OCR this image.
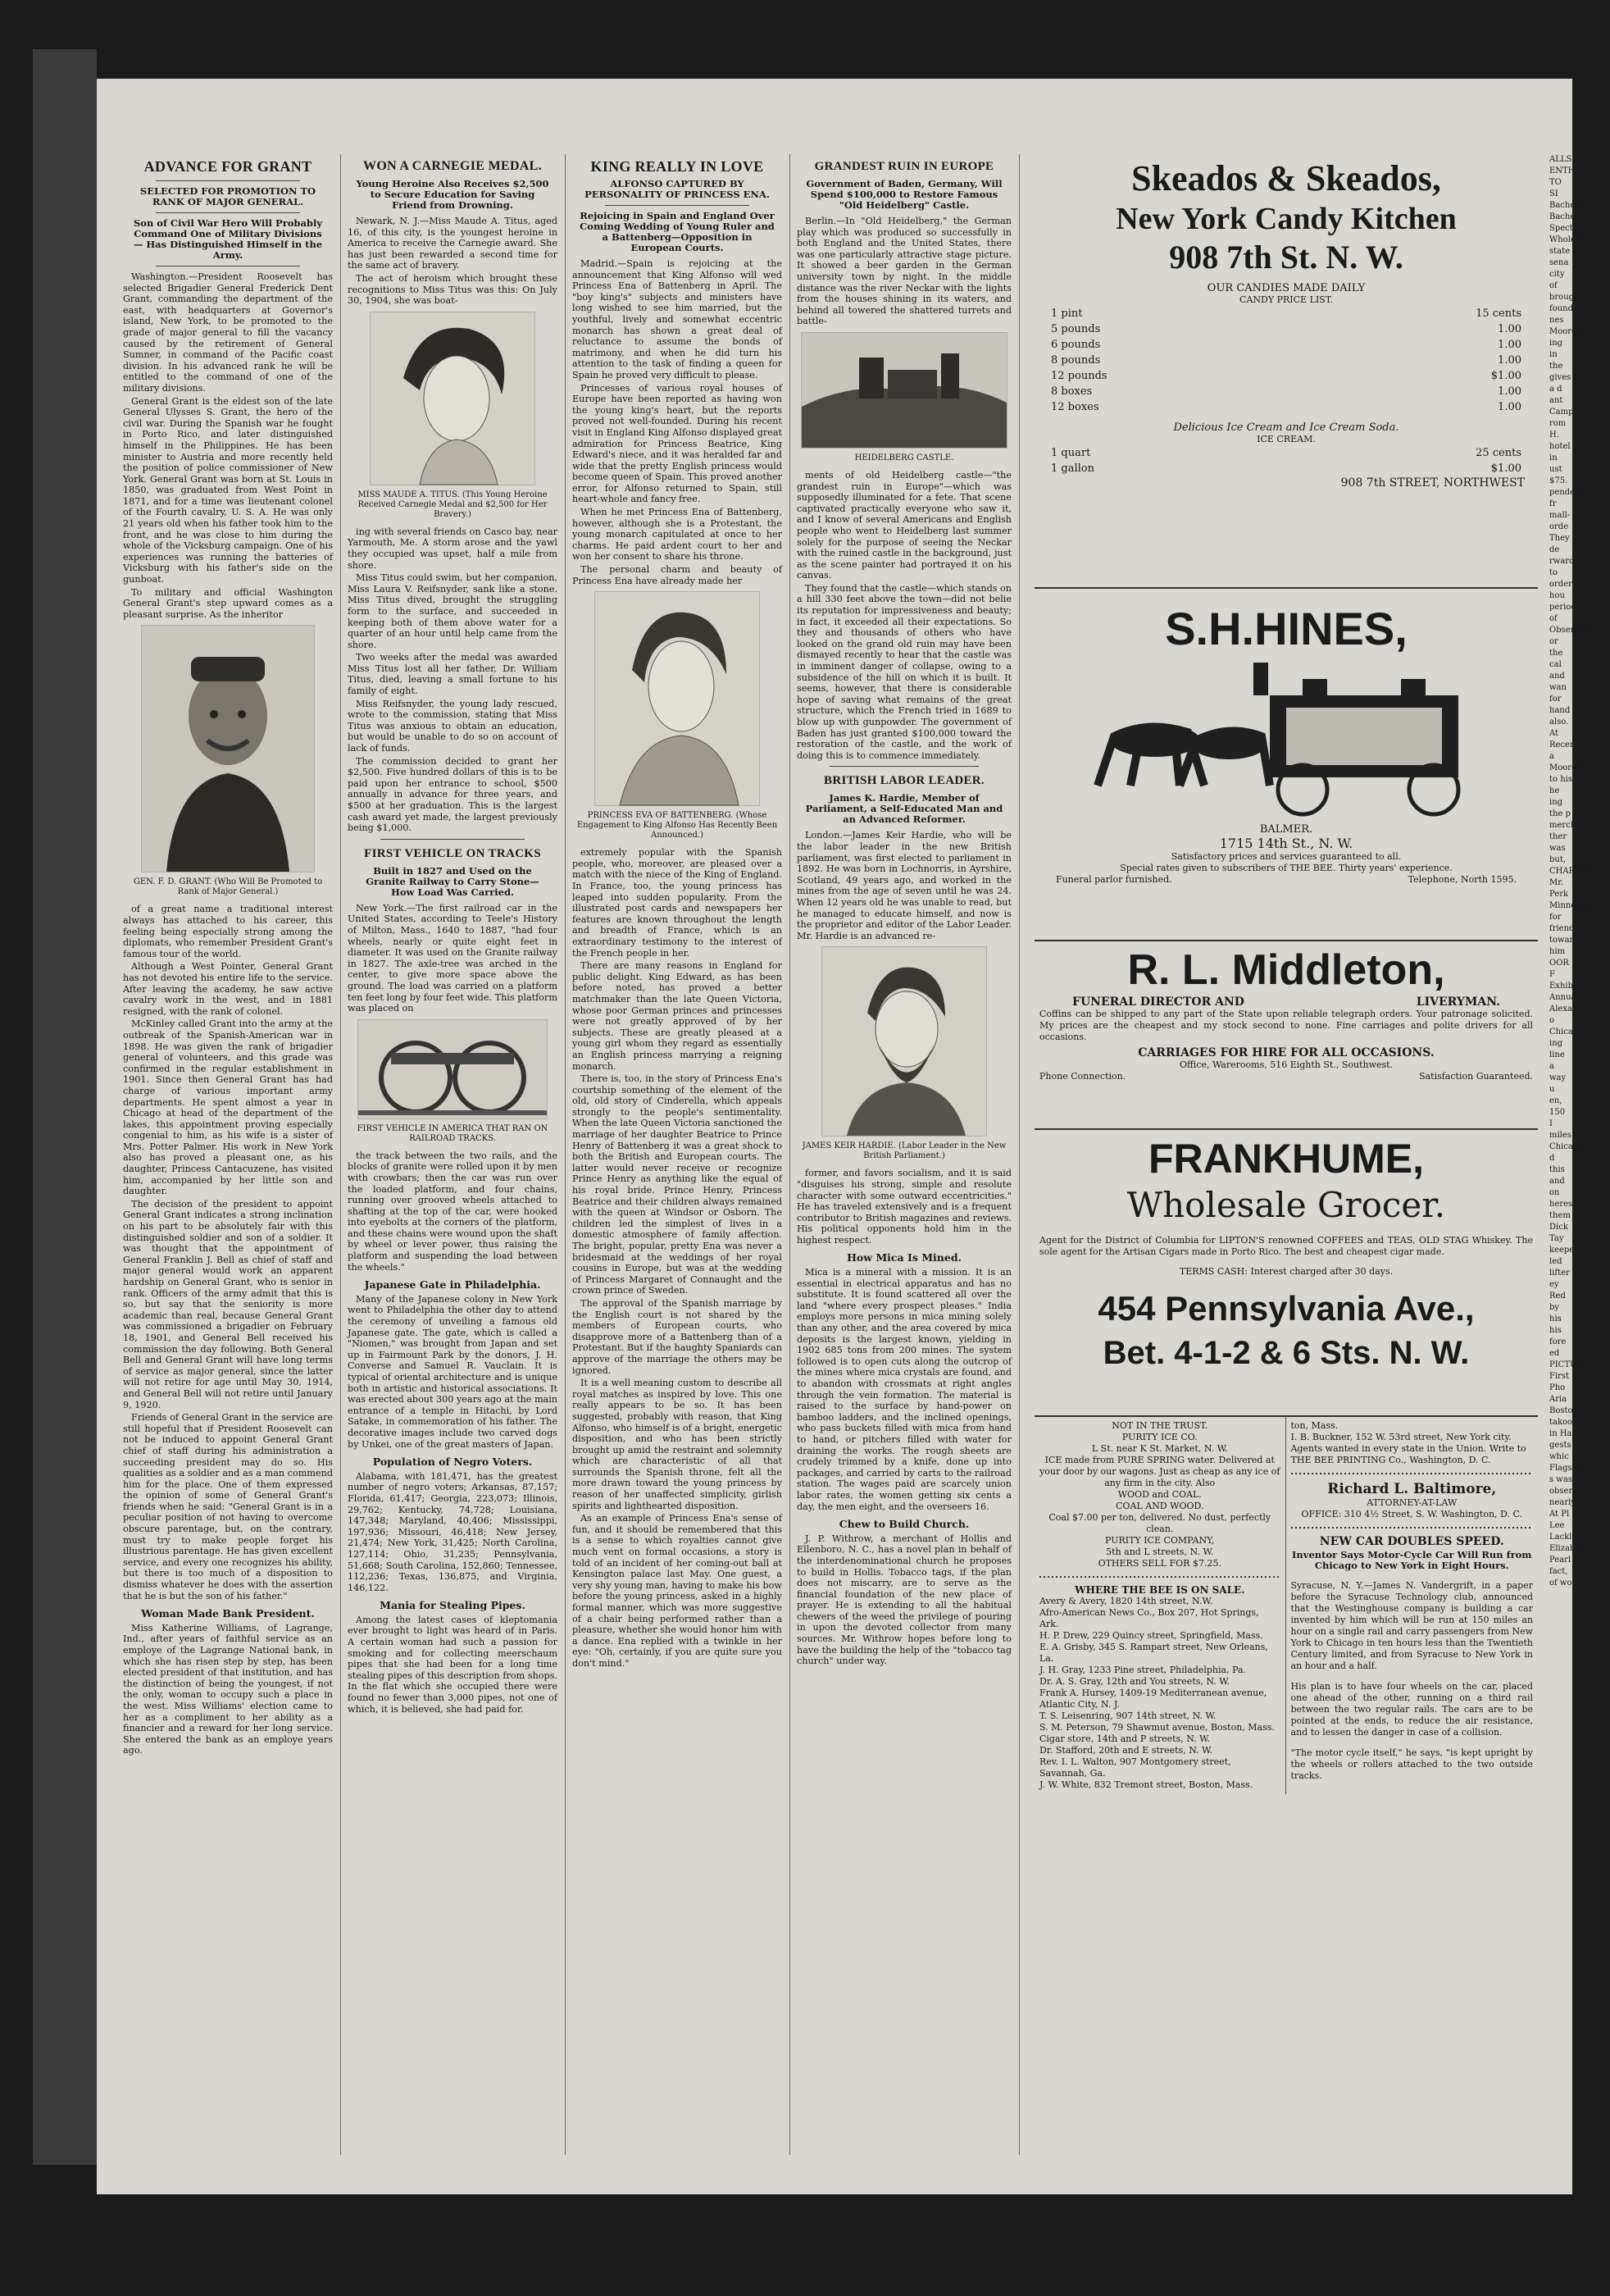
ADVANCE FOR GRANT
SELECTED FOR PROMOTION TO RANK OF MAJOR GENERAL.
Son of Civil War Hero Will Probably Command One of Military Divisions — Has Distinguished Himself in the Army.

Washington.—President Roosevelt has selected Brigadier General Frederick Dent Grant, commanding the department of the east, with headquarters at Governor's island, New York, to be promoted to the grade of major general to fill the vacancy caused by the retirement of General Sumner, in command of the Pacific coast division. In his advanced rank he will be entitled to the command of one of the military divisions.

General Grant is the eldest son of the late General Ulysses S. Grant, the hero of the civil war. During the Spanish war he fought in Porto Rico, and later distinguished himself in the Philippines. He has been minister to Austria and more recently held the position of police commissioner of New York. General Grant was born at St. Louis in 1850, was graduated from West Point in 1871, and for a time was lieutenant colonel of the Fourth cavalry, U. S. A. He was only 21 years old when his father took him to the front, and he was close to him during the whole of the Vicksburg campaign. One of his experiences was running the batteries of Vicksburg with his father's side on the gunboat.

To military and official Washington General Grant's step upward comes as a pleasant surprise. As the inheritor

GEN. F. D. GRANT. (Who Will Be Promoted to Rank of Major General.)

of a great name a traditional interest always has attached to his career, this feeling being especially strong among the diplomats, who remember President Grant's famous tour of the world.

Although a West Pointer, General Grant has not devoted his entire life to the service. After leaving the academy, he saw active cavalry work in the west, and in 1881 resigned, with the rank of colonel.

McKinley called Grant into the army at the outbreak of the Spanish-American war in 1898. He was given the rank of brigadier general of volunteers, and this grade was confirmed in the regular establishment in 1901. Since then General Grant has had charge of various important army departments. He spent almost a year in Chicago at head of the department of the lakes, this appointment proving especially congenial to him, as his wife is a sister of Mrs. Potter Palmer. His work in New York also has proved a pleasant one, as his daughter, Princess Cantacuzene, has visited him, accompanied by her little son and daughter.

The decision of the president to appoint General Grant indicates a strong inclination on his part to be absolutely fair with this distinguished soldier and son of a soldier. It was thought that the appointment of General Franklin J. Bell as chief of staff and major general would work an apparent hardship on General Grant, who is senior in rank. Officers of the army admit that this is so, but say that the seniority is more academic than real, because General Grant was commissioned a brigadier on February 18, 1901, and General Bell received his commission the day following. Both General Bell and General Grant will have long terms of service as major general, since the latter will not retire for age until May 30, 1914, and General Bell will not retire until January 9, 1920.

Friends of General Grant in the service are still hopeful that if President Roosevelt can not be induced to appoint General Grant chief of staff during his administration a succeeding president may do so. His qualities as a soldier and as a man commend him for the place. One of them expressed the opinion of some of General Grant's friends when he said: "General Grant is in a peculiar position of not having to overcome obscure parentage, but, on the contrary, must try to make people forget his illustrious parentage. He has given excellent service, and every one recognizes his ability, but there is too much of a disposition to dismiss whatever he does with the assertion that he is but the son of his father."

Woman Made Bank President.

Miss Katherine Williams, of Lagrange, Ind., after years of faithful service as an employe of the Lagrange National bank, in which she has risen step by step, has been elected president of that institution, and has the distinction of being the youngest, if not the only, woman to occupy such a place in the west. Miss Williams' election came to her as a compliment to her ability as a financier and a reward for her long service. She entered the bank as an employe years ago.

WON A CARNEGIE MEDAL.
Young Heroine Also Receives $2,500 to Secure Education for Saving Friend from Drowning.

Newark, N. J.—Miss Maude A. Titus, aged 16, of this city, is the youngest heroine in America to receive the Carnegie award. She has just been rewarded a second time for the same act of bravery.

The act of heroism which brought these recognitions to Miss Titus was this: On July 30, 1904, she was boat-

MISS MAUDE A. TITUS. (This Young Heroine Received Carnegie Medal and $2,500 for Her Bravery.)

ing with several friends on Casco bay, near Yarmouth, Me. A storm arose and the yawl they occupied was upset, half a mile from shore.

Miss Titus could swim, but her companion, Miss Laura V. Reifsnyder, sank like a stone. Miss Titus dived, brought the struggling form to the surface, and succeeded in keeping both of them above water for a quarter of an hour until help came from the shore.

Two weeks after the medal was awarded Miss Titus lost all her father, Dr. William Titus, died, leaving a small fortune to his family of eight.

Miss Reifsnyder, the young lady rescued, wrote to the commission, stating that Miss Titus was anxious to obtain an education, but would be unable to do so on account of lack of funds.

The commission decided to grant her $2,500. Five hundred dollars of this is to be paid upon her entrance to school, $500 annually in advance for three years, and $500 at her graduation. This is the largest cash award yet made, the largest previously being $1,000.

FIRST VEHICLE ON TRACKS
Built in 1827 and Used on the Granite Railway to Carry Stone—How Load Was Carried.

New York.—The first railroad car in the United States, according to Teele's History of Milton, Mass., 1640 to 1887, "had four wheels, nearly or quite eight feet in diameter. It was used on the Granite railway in 1827. The axle-tree was arched in the center, to give more space above the ground. The load was carried on a platform ten feet long by four feet wide. This platform was placed on

FIRST VEHICLE IN AMERICA THAT RAN ON RAILROAD TRACKS.

the track between the two rails, and the blocks of granite were rolled upon it by men with crowbars; then the car was run over the loaded platform, and four chains, running over grooved wheels attached to shafting at the top of the car, were hooked into eyebolts at the corners of the platform, and these chains were wound upon the shaft by wheel or lever power, thus raising the platform and suspending the load between the wheels."

Japanese Gate in Philadelphia.

Many of the Japanese colony in New York went to Philadelphia the other day to attend the ceremony of unveiling a famous old Japanese gate. The gate, which is called a "Niomen," was brought from Japan and set up in Fairmount Park by the donors, J. H. Converse and Samuel R. Vauclain. It is typical of oriental architecture and is unique both in artistic and historical associations. It was erected about 300 years ago at the main entrance of a temple in Hitachi, by Lord Satake, in commemoration of his father. The decorative images include two carved dogs by Unkei, one of the great masters of Japan.

Population of Negro Voters.

Alabama, with 181,471, has the greatest number of negro voters; Arkansas, 87,157; Florida, 61,417; Georgia, 223,073; Illinois, 29,762; Kentucky, 74,728; Louisiana, 147,348; Maryland, 40,406; Mississippi, 197,936; Missouri, 46,418; New Jersey, 21,474; New York, 31,425; North Carolina, 127,114; Ohio, 31,235; Pennsylvania, 51,668; South Carolina, 152,860; Tennessee, 112,236; Texas, 136,875, and Virginia, 146,122.

Mania for Stealing Pipes.

Among the latest cases of kleptomania ever brought to light was heard of in Paris. A certain woman had such a passion for smoking and for collecting meerschaum pipes that she had been for a long time stealing pipes of this description from shops. In the flat which she occupied there were found no fewer than 3,000 pipes, not one of which, it is believed, she had paid for.

KING REALLY IN LOVE
ALFONSO CAPTURED BY PERSONALITY OF PRINCESS ENA.
Rejoicing in Spain and England Over Coming Wedding of Young Ruler and a Battenberg—Opposition in European Courts.

Madrid.—Spain is rejoicing at the announcement that King Alfonso will wed Princess Ena of Battenberg in April. The "boy king's" subjects and ministers have long wished to see him married, but the youthful, lively and somewhat eccentric monarch has shown a great deal of reluctance to assume the bonds of matrimony, and when he did turn his attention to the task of finding a queen for Spain he proved very difficult to please.

Princesses of various royal houses of Europe have been reported as having won the young king's heart, but the reports proved not well-founded. During his recent visit in England King Alfonso displayed great admiration for Princess Beatrice, King Edward's niece, and it was heralded far and wide that the pretty English princess would become queen of Spain. This proved another error, for Alfonso returned to Spain, still heart-whole and fancy free.

When he met Princess Ena of Battenberg, however, although she is a Protestant, the young monarch capitulated at once to her charms. He paid ardent court to her and won her consent to share his throne.

The personal charm and beauty of Princess Ena have already made her

PRINCESS EVA OF BATTENBERG. (Whose Engagement to King Alfonso Has Recently Been Announced.)

extremely popular with the Spanish people, who, moreover, are pleased over a match with the niece of the King of England. In France, too, the young princess has leaped into sudden popularity. From the illustrated post cards and newspapers her features are known throughout the length and breadth of France, which is an extraordinary testimony to the interest of the French people in her.

There are many reasons in England for public delight. King Edward, as has been before noted, has proved a better matchmaker than the late Queen Victoria, whose poor German princes and princesses were not greatly approved of by her subjects. These are greatly pleased at a young girl whom they regard as essentially an English princess marrying a reigning monarch.

There is, too, in the story of Princess Ena's courtship something of the element of the old, old story of Cinderella, which appeals strongly to the people's sentimentality. When the late Queen Victoria sanctioned the marriage of her daughter Beatrice to Prince Henry of Battenberg it was a great shock to both the British and European courts. The latter would never receive or recognize Prince Henry as anything like the equal of his royal bride. Prince Henry, Princess Beatrice and their children always remained with the queen at Windsor or Osborn. The children led the simplest of lives in a domestic atmosphere of family affection. The bright, popular, pretty Ena was never a bridesmaid at the weddings of her royal cousins in Europe, but was at the wedding of Princess Margaret of Connaught and the crown prince of Sweden.

The approval of the Spanish marriage by the English court is not shared by the members of European courts, who disapprove more of a Battenberg than of a Protestant. But if the haughty Spaniards can approve of the marriage the others may be ignored.

It is a well meaning custom to describe all royal matches as inspired by love. This one really appears to be so. It has been suggested, probably with reason, that King Alfonso, who himself is of a bright, energetic disposition, and who has been strictly brought up amid the restraint and solemnity which are characteristic of all that surrounds the Spanish throne, felt all the more drawn toward the young princess by reason of her unaffected simplicity, girlish spirits and lighthearted disposition.

As an example of Princess Ena's sense of fun, and it should be remembered that this is a sense to which royalties cannot give much vent on formal occasions, a story is told of an incident of her coming-out ball at Kensington palace last May. One guest, a very shy young man, having to make his bow before the young princess, asked in a highly formal manner, which was more suggestive of a chair being performed rather than a pleasure, whether she would honor him with a dance. Ena replied with a twinkle in her eye: "Oh, certainly, if you are quite sure you don't mind."

GRANDEST RUIN IN EUROPE
Government of Baden, Germany, Will Spend $100,000 to Restore Famous "Old Heidelberg" Castle.

Berlin.—In "Old Heidelberg," the German play which was produced so successfully in both England and the United States, there was one particularly attractive stage picture. It showed a beer garden in the German university town by night. In the middle distance was the river Neckar with the lights from the houses shining in its waters, and behind all towered the shattered turrets and battle-

HEIDELBERG CASTLE.

ments of old Heidelberg castle—"the grandest ruin in Europe"—which was supposedly illuminated for a fete. That scene captivated practically everyone who saw it, and I know of several Americans and English people who went to Heidelberg last summer solely for the purpose of seeing the Neckar with the ruined castle in the background, just as the scene painter had portrayed it on his canvas.

They found that the castle—which stands on a hill 330 feet above the town—did not belie its reputation for impressiveness and beauty; in fact, it exceeded all their expectations. So they and thousands of others who have looked on the grand old ruin may have been dismayed recently to hear that the castle was in imminent danger of collapse, owing to a subsidence of the hill on which it is built. It seems, however, that there is considerable hope of saving what remains of the great structure, which the French tried in 1689 to blow up with gunpowder. The government of Baden has just granted $100,000 toward the restoration of the castle, and the work of doing this is to commence immediately.

BRITISH LABOR LEADER.
James K. Hardie, Member of Parliament, a Self-Educated Man and an Advanced Reformer.

London.—James Keir Hardie, who will be the labor leader in the new British parliament, was first elected to parliament in 1892. He was born in Lochnorris, in Ayrshire, Scotland, 49 years ago, and worked in the mines from the age of seven until he was 24. When 12 years old he was unable to read, but he managed to educate himself, and now is the proprietor and editor of the Labor Leader. Mr. Hardie is an advanced re-

JAMES KEIR HARDIE. (Labor Leader in the New British Parliament.)

former, and favors socialism, and it is said "disguises his strong, simple and resolute character with some outward eccentricities." He has traveled extensively and is a frequent contributor to British magazines and reviews. His political opponents hold him in the highest respect.

How Mica Is Mined.

Mica is a mineral with a mission. It is an essential in electrical apparatus and has no substitute. It is found scattered all over the land "where every prospect pleases." India employs more persons in mica mining solely than any other, and the area covered by mica deposits is the largest known, yielding in 1902 685 tons from 200 mines. The system followed is to open cuts along the outcrop of the mines where mica crystals are found, and to abandon with crossmats at right angles through the vein formation. The material is raised to the surface by hand-power on bamboo ladders, and the inclined openings, who pass buckets filled with mica from hand to hand, or pitchers filled with water for draining the works. The rough sheets are crudely trimmed by a knife, done up into packages, and carried by carts to the railroad station. The wages paid are scarcely union labor rates, the women getting six cents a day, the men eight, and the overseers 16.

Chew to Build Church.

J. P. Withrow, a merchant of Hollis and Ellenboro, N. C., has a novel plan in behalf of the interdenominational church he proposes to build in Hollis. Tobacco tags, if the plan does not miscarry, are to serve as the financial foundation of the new place of prayer. He is extending to all the habitual chewers of the weed the privilege of pouring in upon the devoted collector from many sources. Mr. Withrow hopes before long to have the building the help of the "tobacco tag church" under way.

Skeados & Skeados,
New York Candy Kitchen
908 7th St. N. W.
OUR CANDIES MADE DAILY
CANDY PRICE LIST.
1 pint	15 cents
5 pounds	1.00
6 pounds	1.00
8 pounds	1.00
12 pounds	$1.00
8 boxes	1.00
12 boxes	1.00
Delicious Ice Cream and Ice Cream Soda.
ICE CREAM.
1 quart	25 cents
1 gallon	$1.00
908 7th STREET, NORTHWEST
S.H.HINES,
BALMER.
1715 14th St., N. W.
Satisfactory prices and services guaranteed to all.
Special rates given to subscribers of THE BEE. Thirty years' experience.
Funeral parlor furnished.	Telephone, North 1595.
R. L. Middleton,
FUNERAL DIRECTOR AND	LIVERYMAN.
Coffins can be shipped to any part of the State upon reliable telegraph orders. Your patronage solicited. My prices are the cheapest and my stock second to none. Fine carriages and polite drivers for all occasions.
CARRIAGES FOR HIRE FOR ALL OCCASIONS.
Office, Warerooms, 516 Eighth St., Southwest.
Phone Connection.	Satisfaction Guaranteed.
FRANKHUME,
Wholesale Grocer.
Agent for the District of Columbia for LIPTON'S renowned COFFEES and TEAS, OLD STAG Whiskey. The sole agent for the Artisan Cigars made in Porto Rico. The best and cheapest cigar made.
TERMS CASH: Interest charged after 30 days.
454 Pennsylvania Ave.,
Bet. 4-1-2 & 6 Sts. N. W.
NOT IN THE TRUST.
PURITY ICE CO.
L St. near K St. Market, N. W.
ICE made from PURE SPRING water. Delivered at your door by our wagons. Just as cheap as any ice of any firm in the city. Also
WOOD and COAL.
COAL AND WOOD.
Coal $7.00 per ton, delivered. No dust, perfectly clean.
PURITY ICE COMPANY,
5th and L streets, N. W.
OTHERS SELL FOR $7.25.
WHERE THE BEE IS ON SALE.
Avery & Avery, 1820 14th street, N.W.
Afro-American News Co., Box 207, Hot Springs, Ark.
H. P. Drew, 229 Quincy street, Springfield, Mass.
E. A. Grisby, 345 S. Rampart street, New Orleans, La.
J. H. Gray, 1233 Pine street, Philadelphia, Pa.
Dr. A. S. Gray, 12th and You streets, N. W.
Frank A. Hursey, 1409-19 Mediterranean avenue, Atlantic City, N. J.
T. S. Leisenring, 907 14th street, N. W.
S. M. Peterson, 79 Shawmut avenue, Boston, Mass.
Cigar store, 14th and P streets, N. W.
Dr. Stafford, 20th and E streets, N. W.
Rev. I. L. Walton, 907 Montgomery street, Savannah, Ga.
J. W. White, 832 Tremont street, Boston, Mass.
ton, Mass.
I. B. Buckner, 152 W. 53rd street, New York city.
Agents wanted in every state in the Union. Write to THE BEE PRINTING Co., Washington, D. C.
Richard L. Baltimore,
ATTORNEY-AT-LAW
OFFICE: 310 4½ Street, S. W. Washington, D. C.
NEW CAR DOUBLES SPEED.
Inventor Says Motor-Cycle Car Will Run from Chicago to New York in Eight Hours.

Syracuse, N. Y.—James N. Vandergrift, in a paper before the Syracuse Technology club, announced that the Westinghouse company is building a car invented by him which will be run at 150 miles an hour on a single rail and carry passengers from New York to Chicago in ten hours less than the Twentieth Century limited, and from Syracuse to New York in an hour and a half.

His plan is to have four wheels on the car, placed one ahead of the other, running on a third rail between the two regular rails. The cars are to be pointed at the ends, to reduce the air resistance, and to lessen the danger in case of a collision.

"The motor cycle itself," he says, "is kept upright by the wheels or rollers attached to the two outside tracks.

ALLS
ENTHUSI
TO SI
Bachelor
Bachelor
Spectac
Wholesal
state sena
city of
brought
found nes
Mooresto
ing in the
gives a d
ant Camp
rom H.
hotel in
ust $75.
pendent fr
mall-orde
They de
rward to
order hou
period of
Observing
or the cal
and wan
for hand
also. At
Recently
a Moorest
to his he
ing the p
merchants
ther was
but,
CHAPTER
Mr. Perk
Minnesota
for friend
toward him
OOR F
Exhibi
Annual
Alexand
o Chicag
ing line
a way u
en, 150
I miles
Chicago
d this
and on
heres
them
Dick Tay
keeper
led lifter
ey Red
by his
his fore
ed
PICTUR
First Pho
Aria
Boston,
takoo,
in Ha
gests
whic
Flagstaff
s was
observ
nearly
At Pl
Lee
Lackle
Elizabet
Pearl
fact,
of wo
